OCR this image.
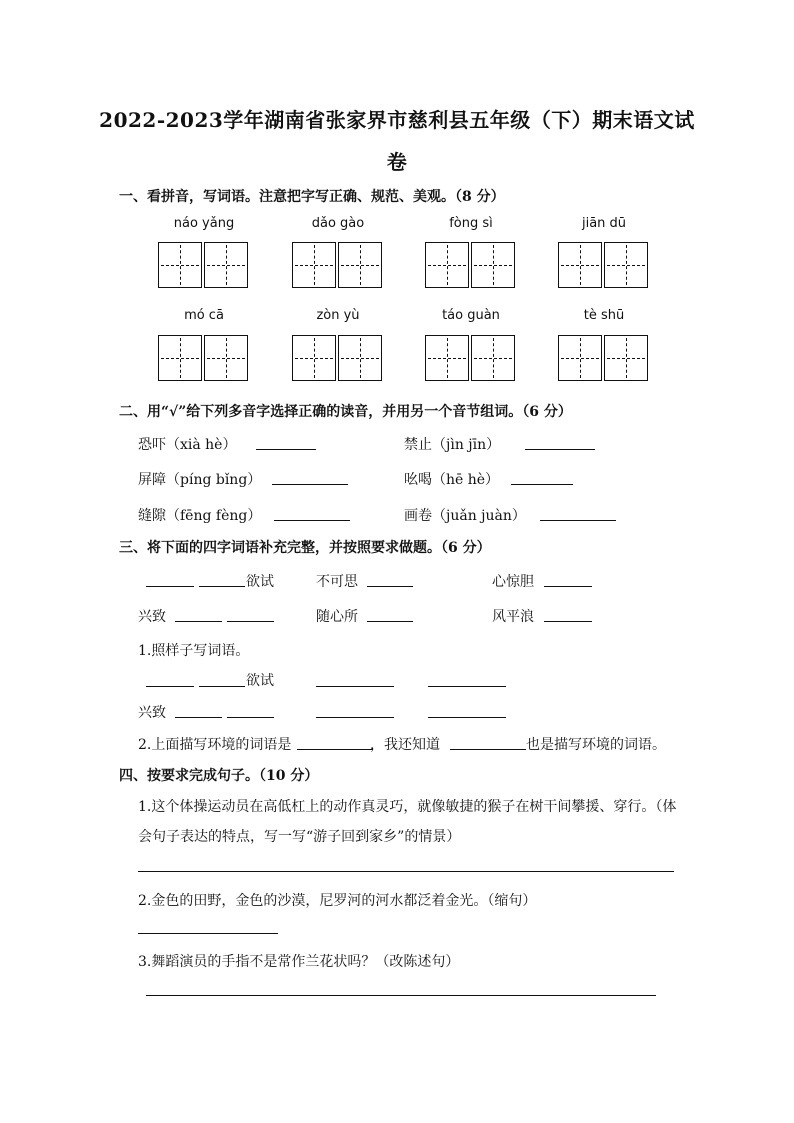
2022-2023学年湖南省张家界市慈利县五年级（下）期末语文试
卷
一、看拼音，写词语。注意把字写正确、规范、美观。（8 分）
náo yǎng	dǎo gào	fòng sì	jiān dū
mó cā	zòn yù	táo guàn	tè shū
二、用“√”给下列多音字选择正确的读音，并用另一个音节组词。（6 分）
恐吓（xià hè）	禁止（jìn jīn）
屏障（píng bǐng）	吆喝（hē hè）
缝隙（fēng fèng）	画卷（juǎn juàn）
三、将下面的四字词语补充完整，并按照要求做题。（6 分）
欲试	不可思	心惊胆
兴致	随心所	风平浪
1.照样子写词语。
欲试
兴致
2.上面描写环境的词语是	，我还知道	也是描写环境的词语。
四、按要求完成句子。（10 分）
1.这个体操运动员在高低杠上的动作真灵巧，就像敏捷的猴子在树干间攀援、穿行。（体
会句子表达的特点，写一写“游子回到家乡”的情景）
2.金色的田野，金色的沙漠，尼罗河的河水都泛着金光。（缩句）
3.舞蹈演员的手指不是常作兰花状吗？（改陈述句）
